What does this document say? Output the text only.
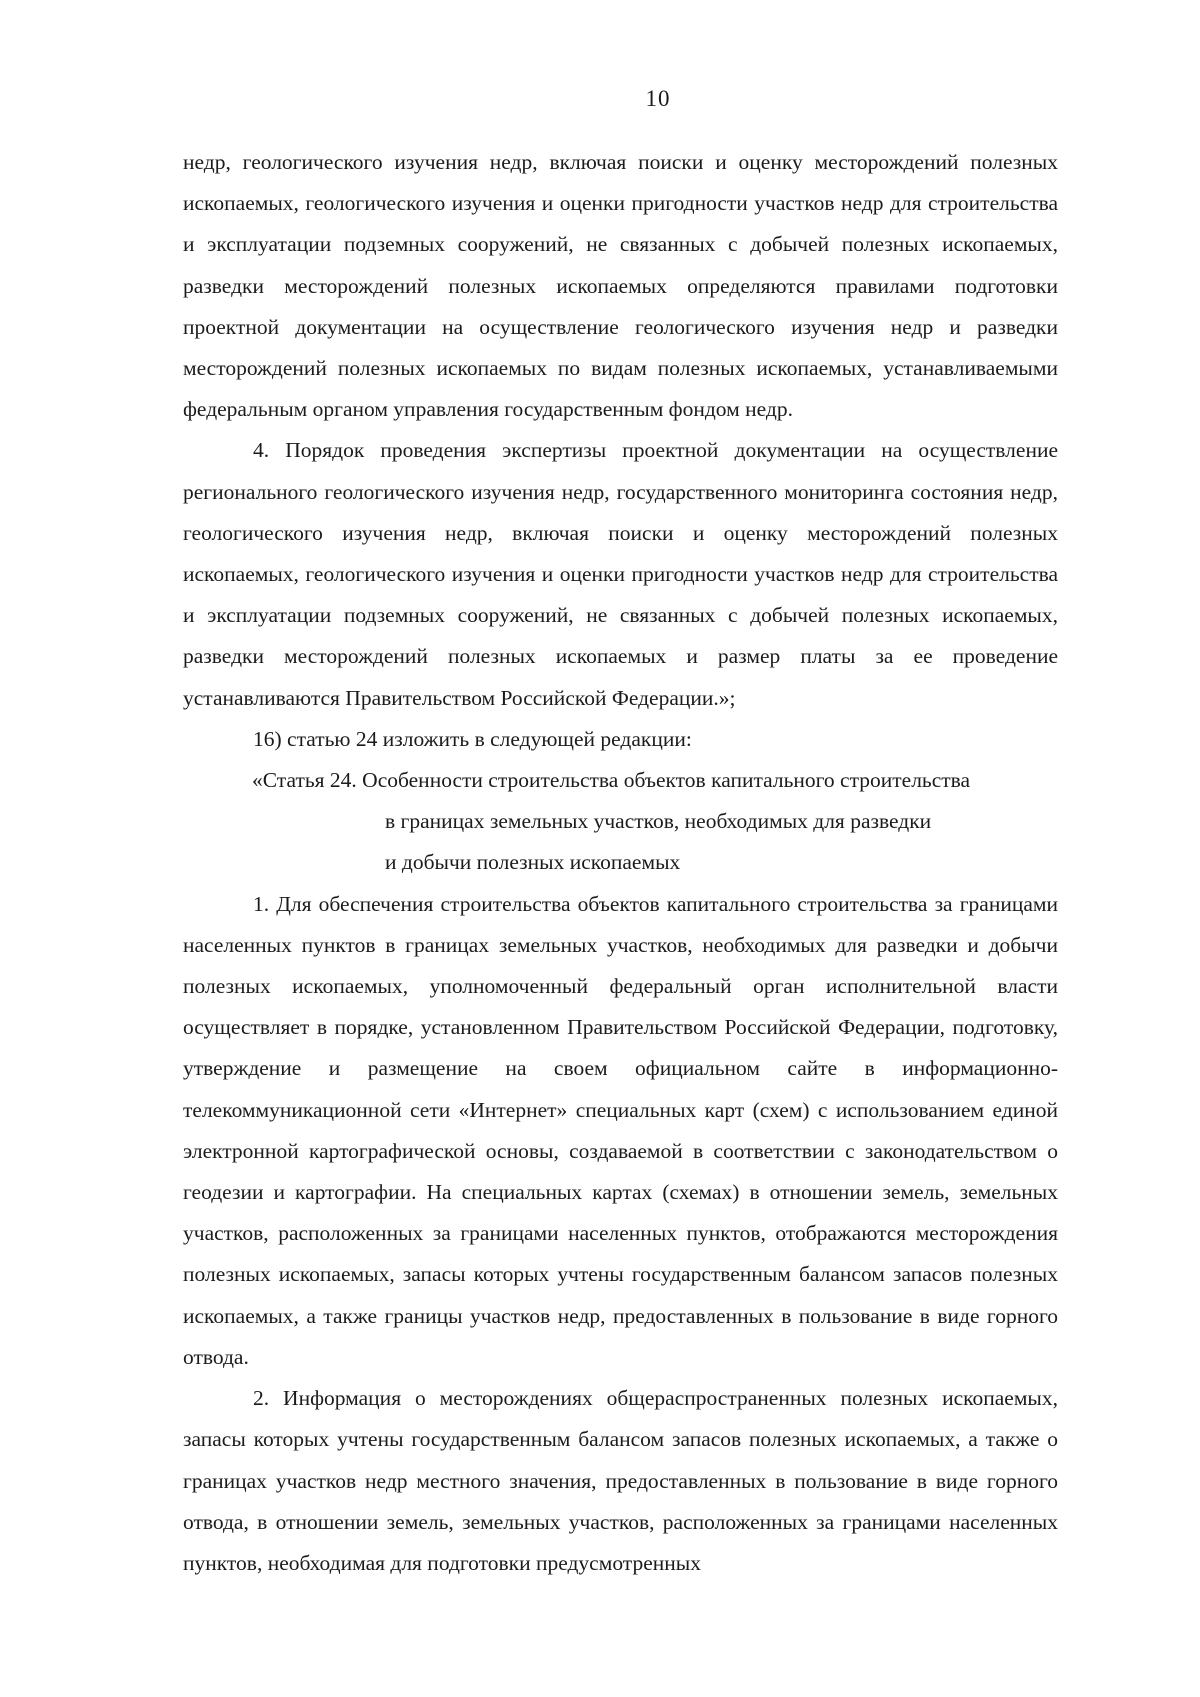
10

недр, геологического изучения недр, включая поиски и оценку месторождений полезных ископаемых, геологического изучения и оценки пригодности участков недр для строительства и эксплуатации подземных сооружений, не связанных с добычей полезных ископаемых, разведки месторождений полезных ископаемых определяются правилами подготовки проектной документации на осуществление геологического изучения недр и разведки месторождений полезных ископаемых по видам полезных ископаемых, устанавливаемыми федеральным органом управления государственным фондом недр.

4. Порядок проведения экспертизы проектной документации на осуществление регионального геологического изучения недр, государственного мониторинга состояния недр, геологического изучения недр, включая поиски и оценку месторождений полезных ископаемых, геологического изучения и оценки пригодности участков недр для строительства и эксплуатации подземных сооружений, не связанных с добычей полезных ископаемых, разведки месторождений полезных ископаемых и размер платы за ее проведение устанавливаются Правительством Российской Федерации.»;

16) статью 24 изложить в следующей редакции:

«Статья 24. Особенности строительства объектов капитального строительства
в границах земельных участков, необходимых для разведки
и добычи полезных ископаемых

1. Для обеспечения строительства объектов капитального строительства за границами населенных пунктов в границах земельных участков, необходимых для разведки и добычи полезных ископаемых, уполномоченный федеральный орган исполнительной власти осуществляет в порядке, установленном Правительством Российской Федерации, подготовку, утверждение и размещение на своем официальном сайте в информационно-телекоммуникационной сети «Интернет» специальных карт (схем) с использованием единой электронной картографической основы, создаваемой в соответствии с законодательством о геодезии и картографии. На специальных картах (схемах) в отношении земель, земельных участков, расположенных за границами населенных пунктов, отображаются месторождения полезных ископаемых, запасы которых учтены государственным балансом запасов полезных ископаемых, а также границы участков недр, предоставленных в пользование в виде горного отвода.

2. Информация о месторождениях общераспространенных полезных ископаемых, запасы которых учтены государственным балансом запасов полезных ископаемых, а также о границах участков недр местного значения, предоставленных в пользование в виде горного отвода, в отношении земель, земельных участков, расположенных за границами населенных пунктов, необходимая для подготовки предусмотренных
